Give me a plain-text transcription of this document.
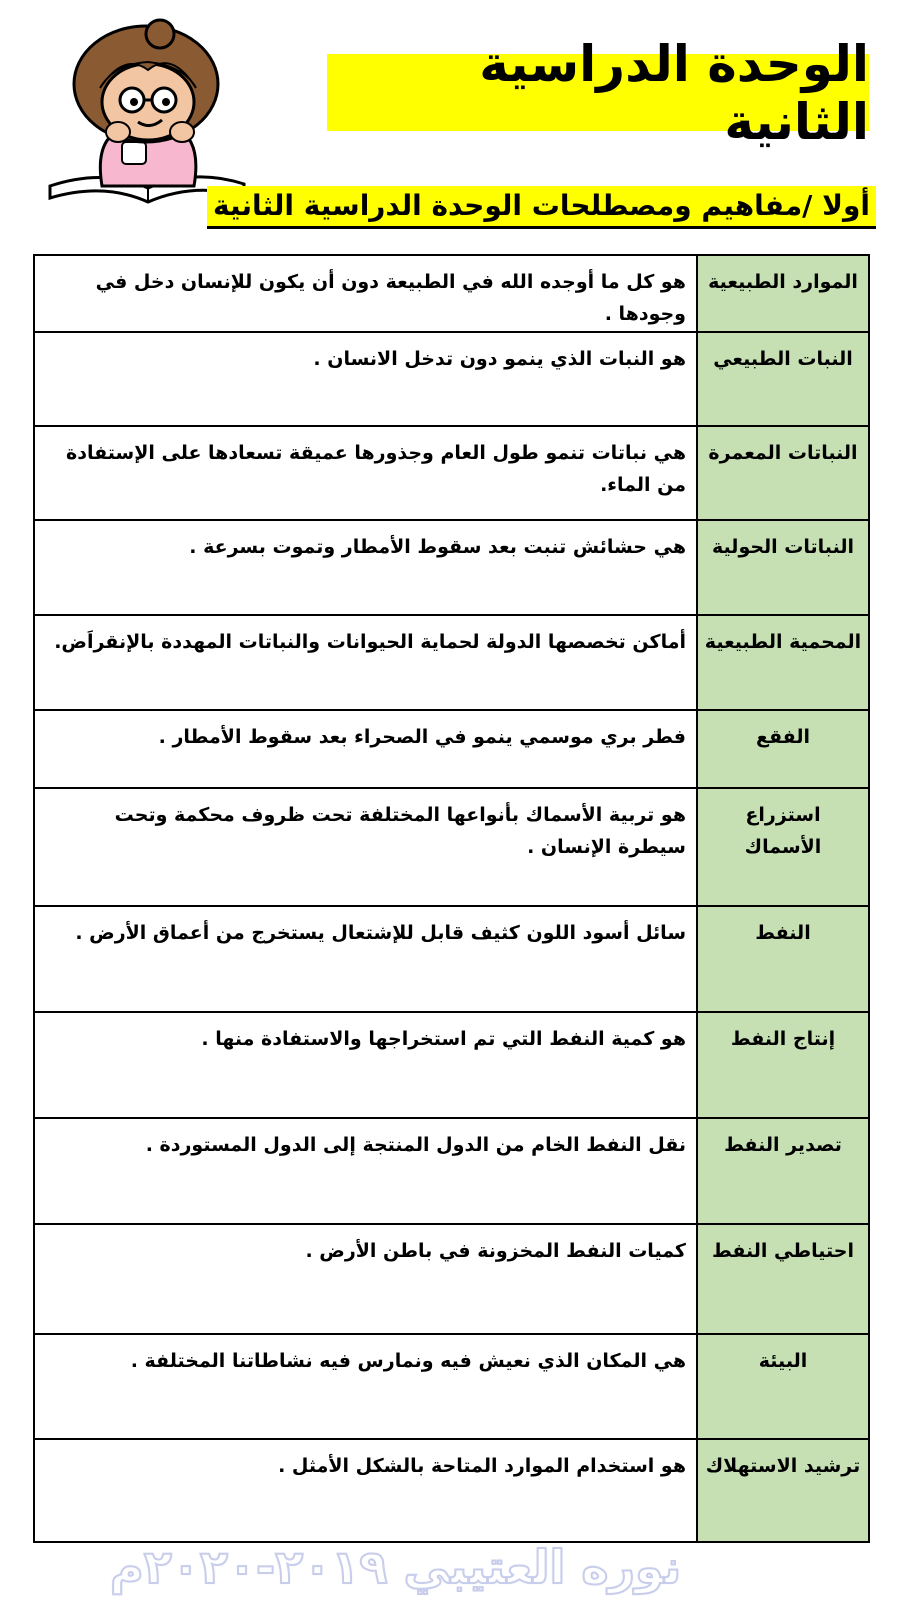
الوحدة الدراسية الثانية
أولا /مفاهيم ومصطلحات الوحدة الدراسية الثانية
الموارد الطبيعية	هو كل ما أوجده الله في الطبيعة دون أن يكون للإنسان دخل في وجودها .
النبات الطبيعي	هو النبات الذي ينمو دون تدخل الانسان .
النباتات المعمرة	هي نباتات تنمو طول العام وجذورها عميقة تسعادها على الإستفادة من الماء.
النباتات الحولية	هي حشائش تنبت بعد سقوط الأمطار وتموت بسرعة .
المحمية الطبيعية	أماكن تخصصها الدولة لحماية الحيوانات والنباتات المهددة بالإنقراَض.
الفقع	فطر بري موسمي ينمو في الصحراء بعد سقوط الأمطار .
استزراع الأسماك	هو تربية الأسماك بأنواعها المختلفة تحت ظروف محكمة وتحت سيطرة الإنسان .
النفط	سائل أسود اللون كثيف قابل للإشتعال يستخرج من أعماق الأرض .
إنتاج النفط	هو كمية النفط التي تم استخراجها والاستفادة منها .
تصدير النفط	نقل النفط الخام من الدول المنتجة إلى الدول المستوردة .
احتياطي النفط	كميات النفط المخزونة في باطن الأرض .
البيئة	هي المكان الذي نعيش فيه ونمارس فيه نشاطاتنا المختلفة .
ترشيد الاستهلاك	هو استخدام الموارد المتاحة بالشكل الأمثل .
نوره العتيبي ٢٠١٩-٢٠٢٠م
